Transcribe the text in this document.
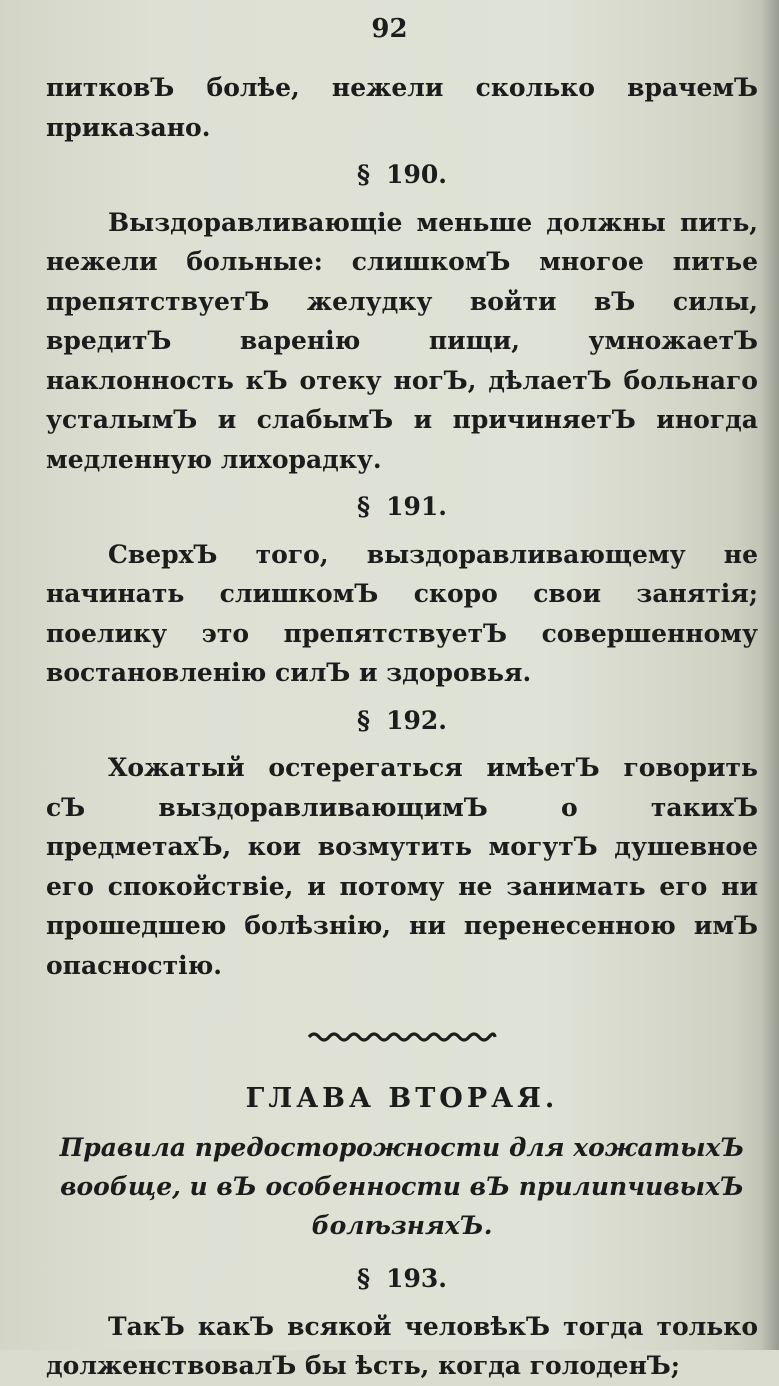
92

питковЪ болѣе, нежели сколько врачемЪ приказано.

§ 190.

Выздоравливающіе меньше должны пить, нежели больные: слишкомЪ многое питье препятствуетЪ желудку войти вЪ силы, вредитЪ варенію пищи, умножаетЪ наклонность кЪ отеку ногЪ, дѣлаетЪ больнаго усталымЪ и слабымЪ и причиняетЪ иногда медленную лихорадку.

§ 191.

СверхЪ того, выздоравливающему не начинать слишкомЪ скоро свои занятія; поелику это препятствуетЪ совершенному востановленію силЪ и здоровья.

§ 192.

Хожатый остерегаться имѣетЪ говорить сЪ выздоравливающимЪ о такихЪ предметахЪ, кои возмутить могутЪ душевное его спокойствіе, и потому не занимать его ни прошедшею болѣзнію, ни перенесенною имЪ опасностію.

ГЛАВА ВТОРАЯ.

Правила предосторожности для хожатыхЪ вообще, и вЪ особенности вЪ прилипчивыхЪ болѣзняхЪ.

§ 193.

ТакЪ какЪ всякой человѣкЪ тогда только долженствовалЪ бы ѣсть, когда голоденЪ;
